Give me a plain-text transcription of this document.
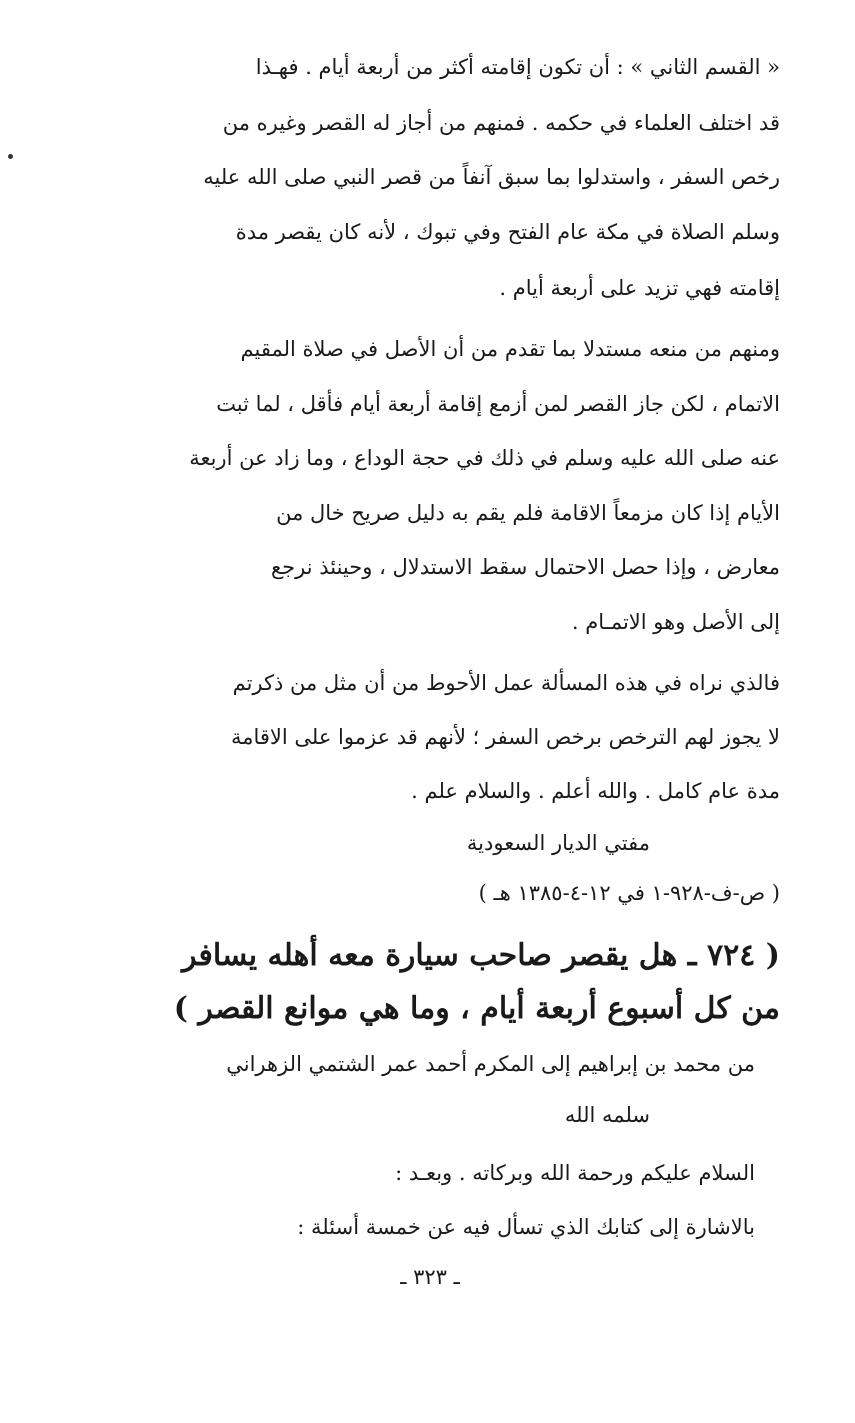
« القسم الثاني » : أن تكون إقامته أكثر من أربعة أيام . فهـذا
قد اختلف العلماء في حكمه . فمنهم من أجاز له القصر وغيره من
رخص السفر ، واستدلوا بما سبق آنفاً من قصر النبي صلى الله عليه
وسلم الصلاة في مكة عام الفتح وفي تبوك ، لأنه كان يقصر مدة
إقامته فهي تزيد على أربعة أيام .
ومنهم من منعه مستدلا بما تقدم من أن الأصل في صلاة المقيم
الاتمام ، لكن جاز القصر لمن أزمع إقامة أربعة أيام فأقل ، لما ثبت
عنه صلى الله عليه وسلم في ذلك في حجة الوداع ، وما زاد عن أربعة
الأيام إذا كان مزمعاً الاقامة فلم يقم به دليل صريح خال من
معارض ، وإذا حصل الاحتمال سقط الاستدلال ، وحينئذ نرجع
إلى الأصل وهو الاتمـام .
فالذي نراه في هذه المسألة عمل الأحوط من أن مثل من ذكرتم
لا يجوز لهم الترخص برخص السفر ؛ لأنهم قد عزموا على الاقامة
مدة عام كامل . والله أعلم . والسلام علم .
مفتي الديار السعودية
( ص-ف-٩٢٨-١ في ١٢-٤-١٣٨٥ هـ )
( ٧٢٤ ـ هل يقصر صاحب سيارة معه أهله يسافر
من كل أسبوع أربعة أيام ، وما هي موانع القصر )
من محمد بن إبراهيم إلى المكرم أحمد عمر الشتمي الزهراني
سلمه الله
السلام عليكم ورحمة الله وبركاته . وبعـد :
بالاشارة إلى كتابك الذي تسأل فيه عن خمسة أسئلة :
ـ ٣٢٣ ـ
